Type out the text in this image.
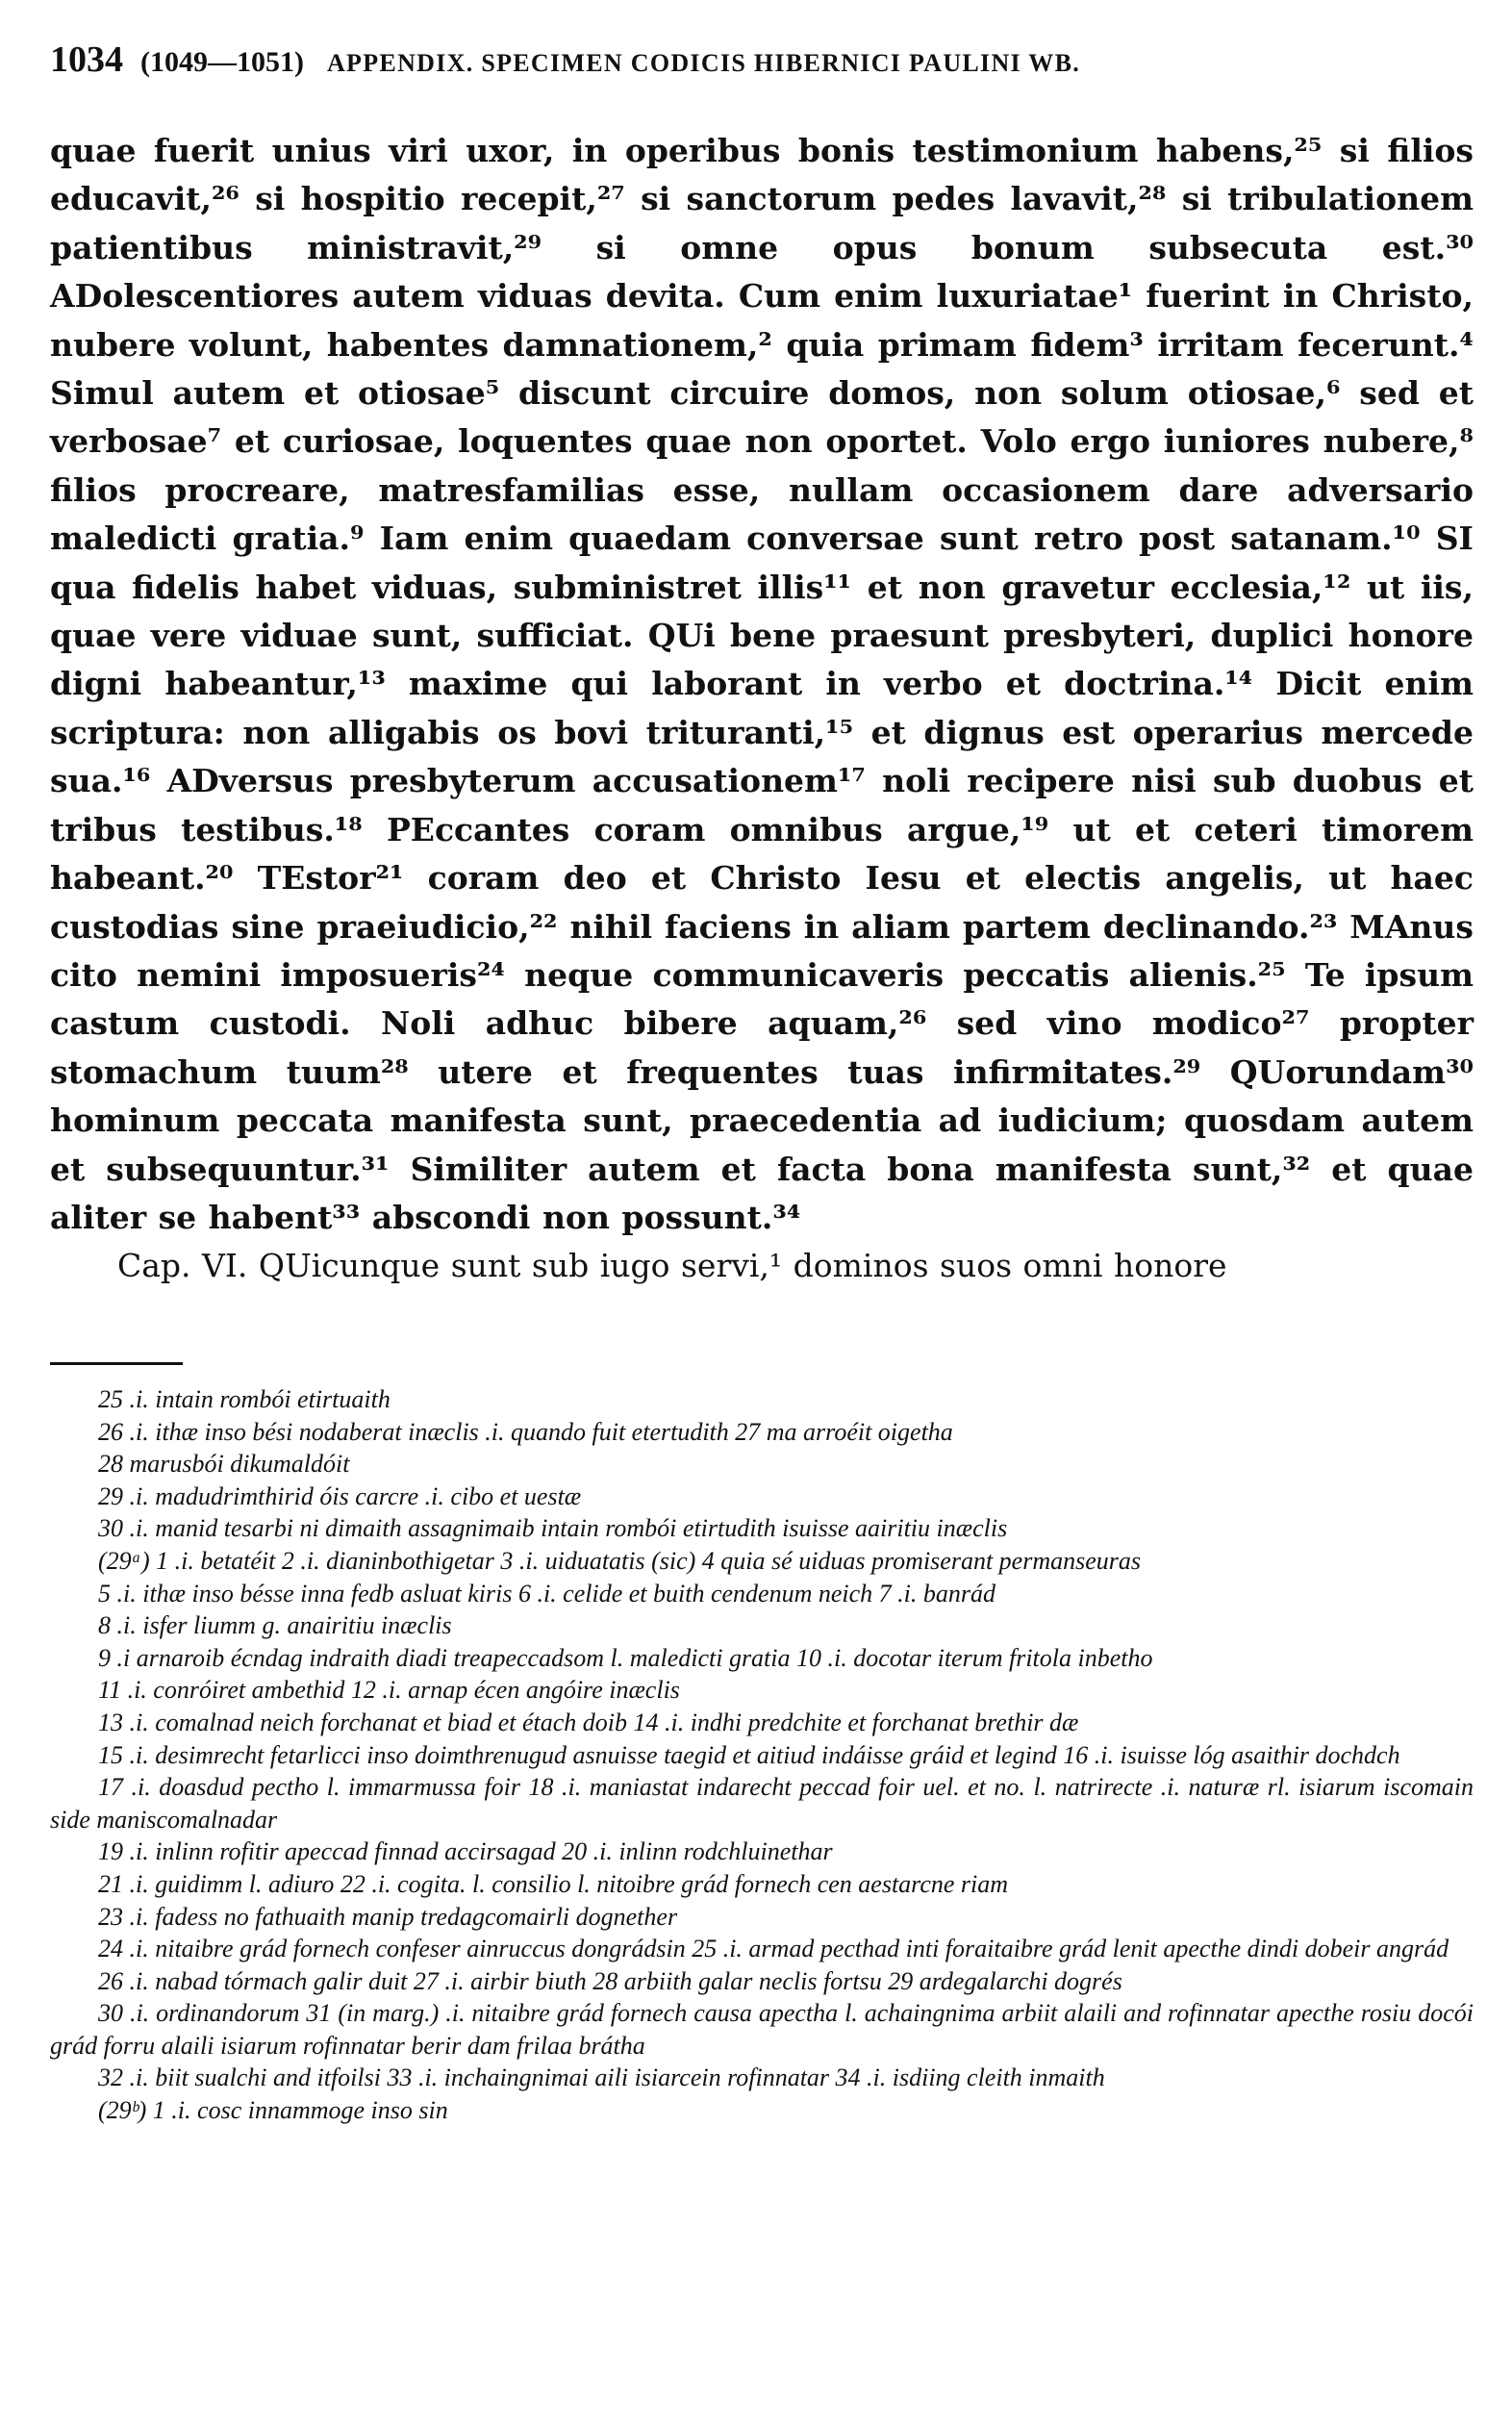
1034 (1049—1051) APPENDIX. SPECIMEN CODICIS HIBERNICI PAULINI WB.

quae fuerit unius viri uxor, in operibus bonis testimonium habens,²⁵ si filios educavit,²⁶ si hospitio recepit,²⁷ si sanctorum pedes lavavit,²⁸ si tribulationem patientibus ministravit,²⁹ si omne opus bonum subsecuta est.³⁰ ADolescentiores autem viduas devita. Cum enim luxuriatae¹ fuerint in Christo, nubere volunt, habentes damnationem,² quia primam fidem³ irritam fecerunt.⁴ Simul autem et otiosae⁵ discunt circuire domos, non solum otiosae,⁶ sed et verbosae⁷ et curiosae, loquentes quae non oportet. Volo ergo iuniores nubere,⁸ filios procreare, matresfamilias esse, nullam occasionem dare adversario maledicti gratia.⁹ Iam enim quaedam conversae sunt retro post satanam.¹⁰ SI qua fidelis habet viduas, subministret illis¹¹ et non gravetur ecclesia,¹² ut iis, quae vere viduae sunt, sufficiat. QUi bene praesunt presbyteri, duplici honore digni habeantur,¹³ maxime qui laborant in verbo et doctrina.¹⁴ Dicit enim scriptura: non alligabis os bovi trituranti,¹⁵ et dignus est operarius mercede sua.¹⁶ ADversus presbyterum accusationem¹⁷ noli recipere nisi sub duobus et tribus testibus.¹⁸ PEccantes coram omnibus argue,¹⁹ ut et ceteri timorem habeant.²⁰ TEstor²¹ coram deo et Christo Iesu et electis angelis, ut haec custodias sine praeiudicio,²² nihil faciens in aliam partem declinando.²³ MAnus cito nemini imposueris²⁴ neque communicaveris peccatis alienis.²⁵ Te ipsum castum custodi. Noli adhuc bibere aquam,²⁶ sed vino modico²⁷ propter stomachum tuum²⁸ utere et frequentes tuas infirmitates.²⁹ QUorundam³⁰ hominum peccata manifesta sunt, praecedentia ad iudicium; quosdam autem et subsequuntur.³¹ Similiter autem et facta bona manifesta sunt,³² et quae aliter se habent³³ abscondi non possunt.³⁴

Cap. VI. QUicunque sunt sub iugo servi,¹ dominos suos omni honore

25 .i. intain rombói etirtuaith

26 .i. ithæ inso bési nodaberat inæclis .i. quando fuit etertudith 27 ma arroéit oigetha

28 marusbói dikumaldóit

29 .i. madudrimthirid óis carcre .i. cibo et uestæ

30 .i. manid tesarbi ni dimaith assagnimaib intain rombói etirtudith isuisse aairitiu inæclis

(29ᵃ) 1 .i. betatéit 2 .i. dianinbothigetar 3 .i. uiduatatis (sic) 4 quia sé uiduas promiserant permanseuras

5 .i. ithæ inso bésse inna fedb asluat kiris 6 .i. celide et buith cendenum neich 7 .i. banrád

8 .i. isfer liumm g. anairitiu inæclis

9 .i arnaroib écndag indraith diadi treapeccadsom l. maledicti gratia 10 .i. docotar iterum fritola inbetho

11 .i. conróiret ambethid 12 .i. arnap écen angóire inæclis

13 .i. comalnad neich forchanat et biad et étach doib 14 .i. indhi predchite et forchanat brethir dæ

15 .i. desimrecht fetarlicci inso doimthrenugud asnuisse taegid et aitiud indáisse gráid et legind 16 .i. isuisse lóg asaithir dochdch

17 .i. doasdud pectho l. immarmussa foir 18 .i. maniastat indarecht peccad foir uel. et no. l. natrirecte .i. naturæ rl. isiarum iscomain side maniscomalnadar

19 .i. inlinn rofitir apeccad finnad accirsagad 20 .i. inlinn rodchluinethar

21 .i. guidimm l. adiuro 22 .i. cogita. l. consilio l. nitoibre grád fornech cen aestarcne riam

23 .i. fadess no fathuaith manip tredagcomairli dognether

24 .i. nitaibre grád fornech confeser ainruccus dongrádsin 25 .i. armad pecthad inti foraitaibre grád lenit apecthe dindi dobeir angrád

26 .i. nabad tórmach galir duit 27 .i. airbir biuth 28 arbiith galar neclis fortsu 29 ardegalarchi dogrés

30 .i. ordinandorum 31 (in marg.) .i. nitaibre grád fornech causa apectha l. achaingnima arbiit alaili and rofinnatar apecthe rosiu docói grád forru alaili isiarum rofinnatar berir dam frilaa brátha

32 .i. biit sualchi and itfoilsi 33 .i. inchaingnimai aili isiarcein rofinnatar 34 .i. isdiing cleith inmaith

(29ᵇ) 1 .i. cosc innammoge inso sin
